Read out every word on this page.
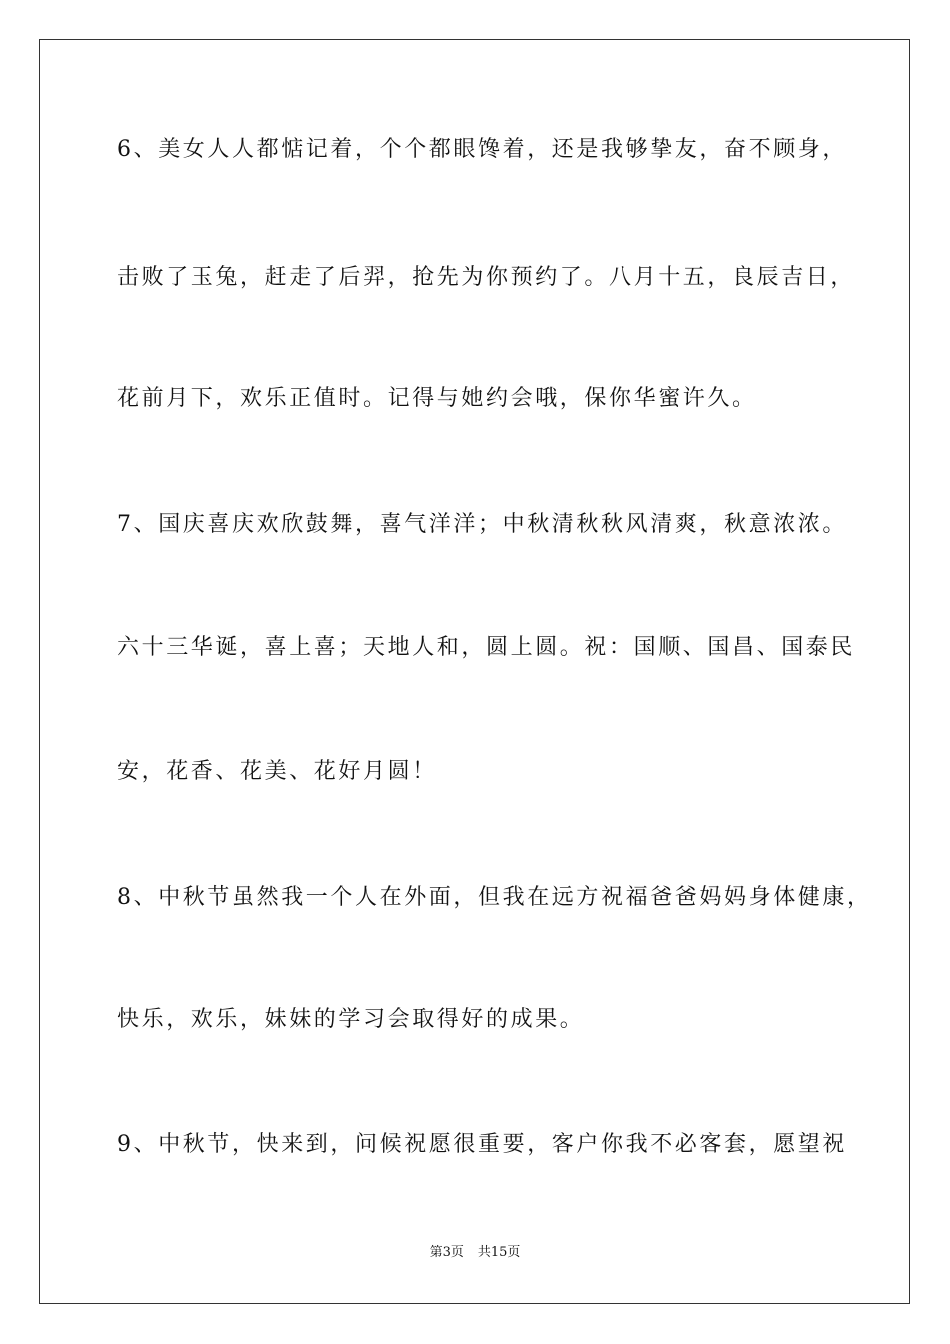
6、美女人人都惦记着，个个都眼馋着，还是我够挚友，奋不顾身，
击败了玉兔，赶走了后羿，抢先为你预约了。八月十五，良辰吉日，
花前月下，欢乐正值时。记得与她约会哦，保你华蜜许久。
7、国庆喜庆欢欣鼓舞，喜气洋洋；中秋清秋秋风清爽，秋意浓浓。
六十三华诞，喜上喜；天地人和，圆上圆。祝：国顺、国昌、国泰民
安，花香、花美、花好月圆！
8、中秋节虽然我一个人在外面，但我在远方祝福爸爸妈妈身体健康，
快乐，欢乐，妹妹的学习会取得好的成果。
9、中秋节，快来到，问候祝愿很重要，客户你我不必客套，愿望祝
第3页 共15页
